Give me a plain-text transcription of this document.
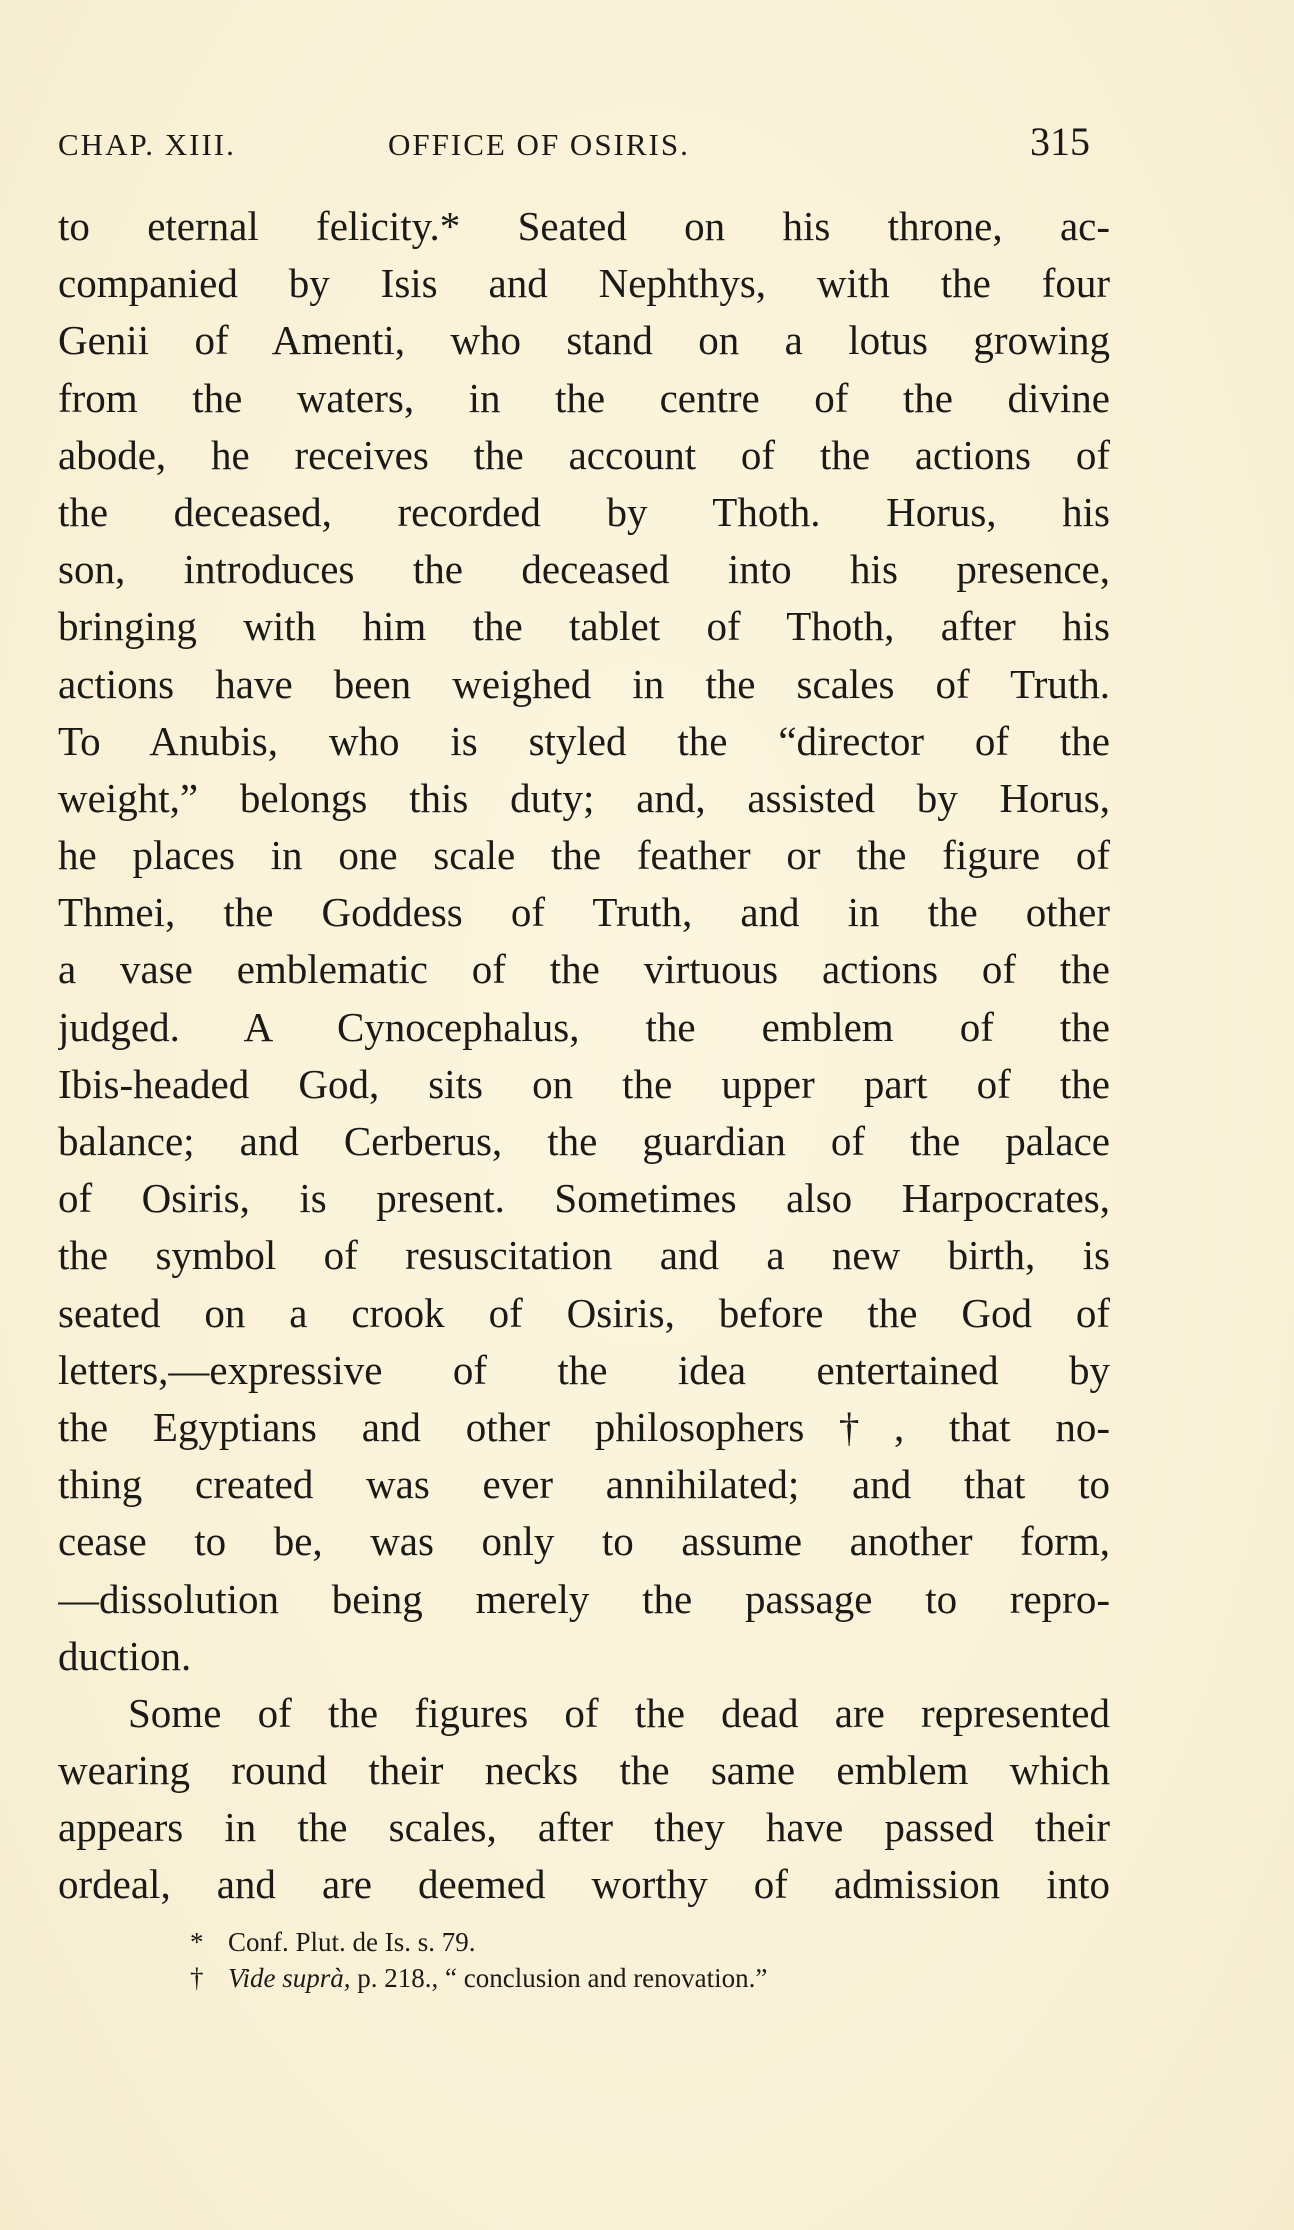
CHAP. XIII.	OFFICE OF OSIRIS.	315
to eternal felicity.* Seated on his throne, ac-
companied by Isis and Nephthys, with the four
Genii of Amenti, who stand on a lotus growing
from the waters, in the centre of the divine
abode, he receives the account of the actions of
the deceased, recorded by Thoth. Horus, his
son, introduces the deceased into his presence,
bringing with him the tablet of Thoth, after his
actions have been weighed in the scales of Truth.
To Anubis, who is styled the “director of the
weight,” belongs this duty; and, assisted by Horus,
he places in one scale the feather or the figure of
Thmei, the Goddess of Truth, and in the other
a vase emblematic of the virtuous actions of the
judged. A Cynocephalus, the emblem of the
Ibis-headed God, sits on the upper part of the
balance; and Cerberus, the guardian of the palace
of Osiris, is present. Sometimes also Harpocrates,
the symbol of resuscitation and a new birth, is
seated on a crook of Osiris, before the God of
letters,—expressive of the idea entertained by
the Egyptians and other philosophers†, that no-
thing created was ever annihilated; and that to
cease to be, was only to assume another form,
—dissolution being merely the passage to repro-
duction.
Some of the figures of the dead are represented
wearing round their necks the same emblem which
appears in the scales, after they have passed their
ordeal, and are deemed worthy of admission into
* Conf. Plut. de Is. s. 79.
† Vide suprà, p. 218., “ conclusion and renovation.”
